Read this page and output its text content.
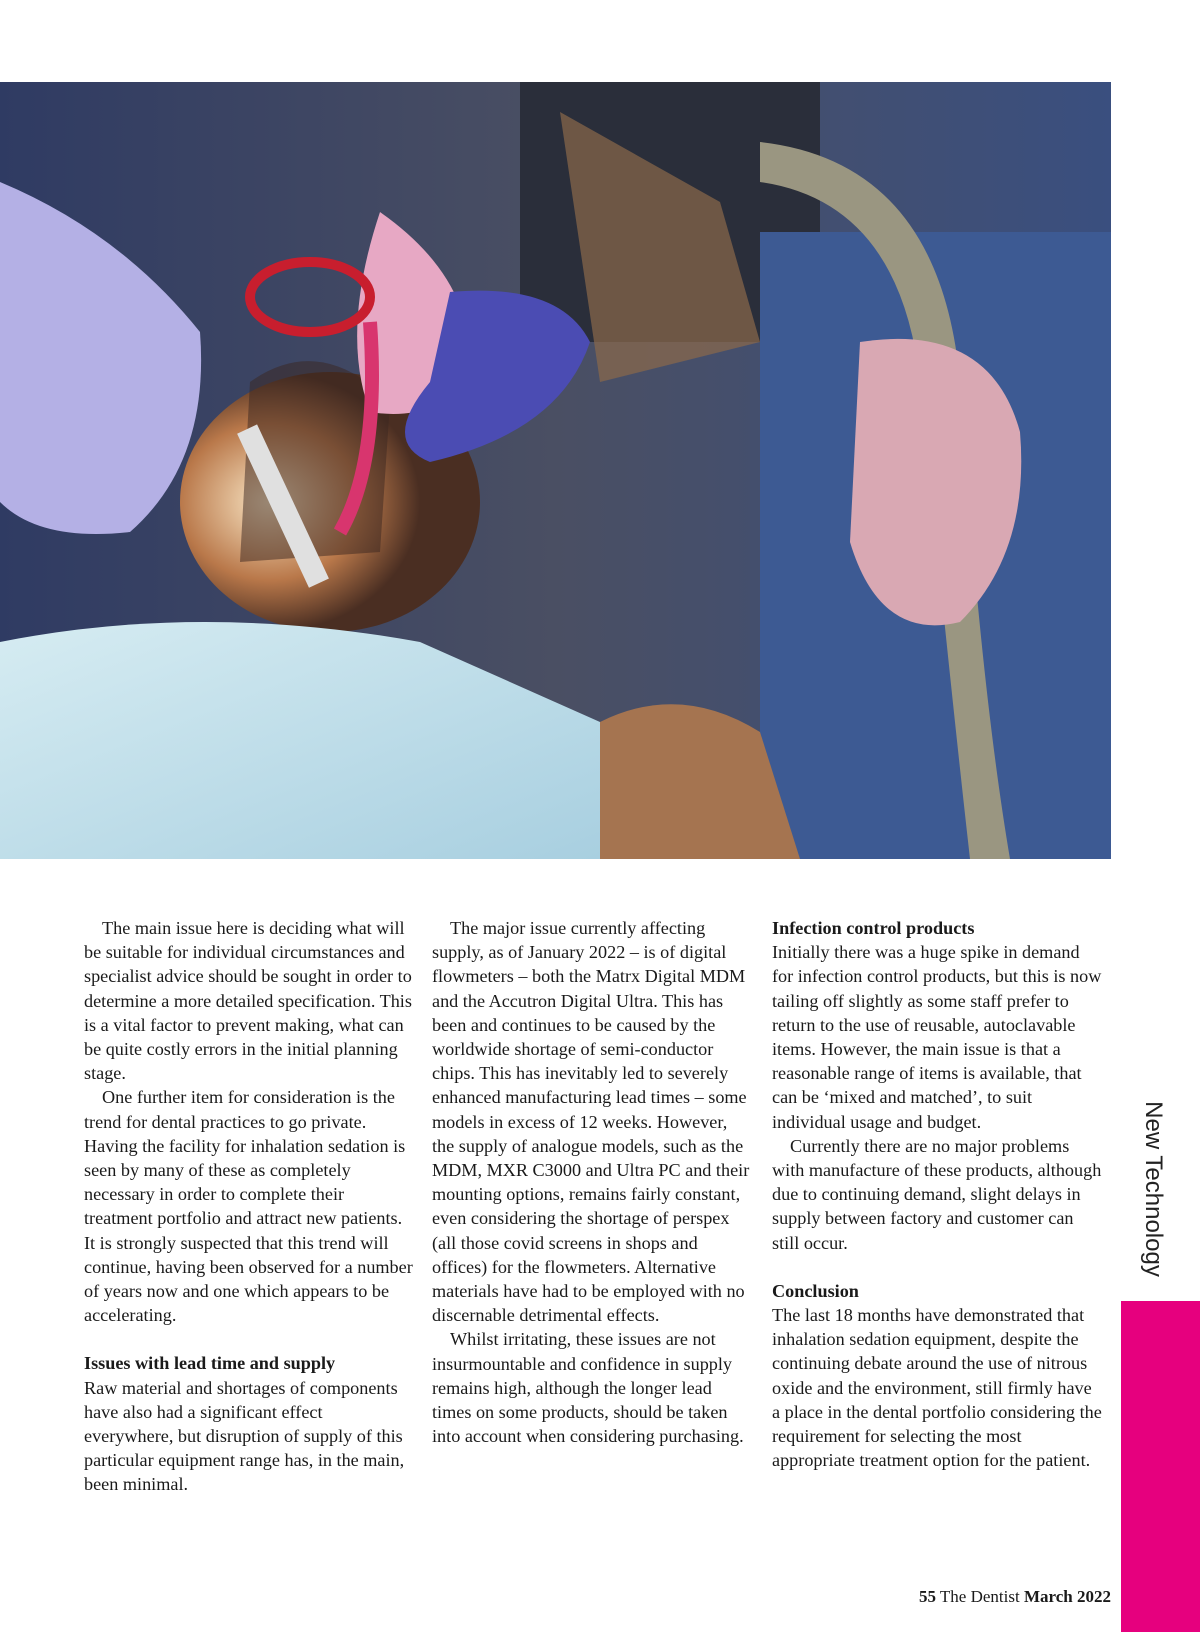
The main issue here is deciding what will be suitable for individual circumstances and specialist advice should be sought in order to determine a more detailed specification. This is a vital factor to prevent making, what can be quite costly errors in the initial planning stage.

One further item for consideration is the trend for dental practices to go private. Having the facility for inhalation sedation is seen by many of these as completely necessary in order to complete their treatment portfolio and attract new patients. It is strongly suspected that this trend will continue, having been observed for a number of years now and one which appears to be accelerating.

Issues with lead time and supply

Raw material and shortages of components have also had a significant effect everywhere, but disruption of supply of this particular equipment range has, in the main, been minimal.

The major issue currently affecting supply, as of January 2022 – is of digital flowmeters – both the Matrx Digital MDM and the Accutron Digital Ultra. This has been and continues to be caused by the worldwide shortage of semi-conductor chips. This has inevitably led to severely enhanced manufacturing lead times – some models in excess of 12 weeks. However, the supply of analogue models, such as the MDM, MXR C3000 and Ultra PC and their mounting options, remains fairly constant, even considering the shortage of perspex (all those covid screens in shops and offices) for the flowmeters. Alternative materials have had to be employed with no discernable detrimental effects.

Whilst irritating, these issues are not insurmountable and confidence in supply remains high, although the longer lead times on some products, should be taken into account when considering purchasing.

Infection control products

Initially there was a huge spike in demand for infection control products, but this is now tailing off slightly as some staff prefer to return to the use of reusable, autoclavable items. However, the main issue is that a reasonable range of items is available, that can be ‘mixed and matched’, to suit individual usage and budget.

Currently there are no major problems with manufacture of these products, although due to continuing demand, slight delays in supply between factory and customer can still occur.

Conclusion

The last 18 months have demonstrated that inhalation sedation equipment, despite the continuing debate around the use of nitrous oxide and the environment, still firmly have a place in the dental portfolio considering the requirement for selecting the most appropriate treatment option for the patient.

New Technology
55 The Dentist March 2022
